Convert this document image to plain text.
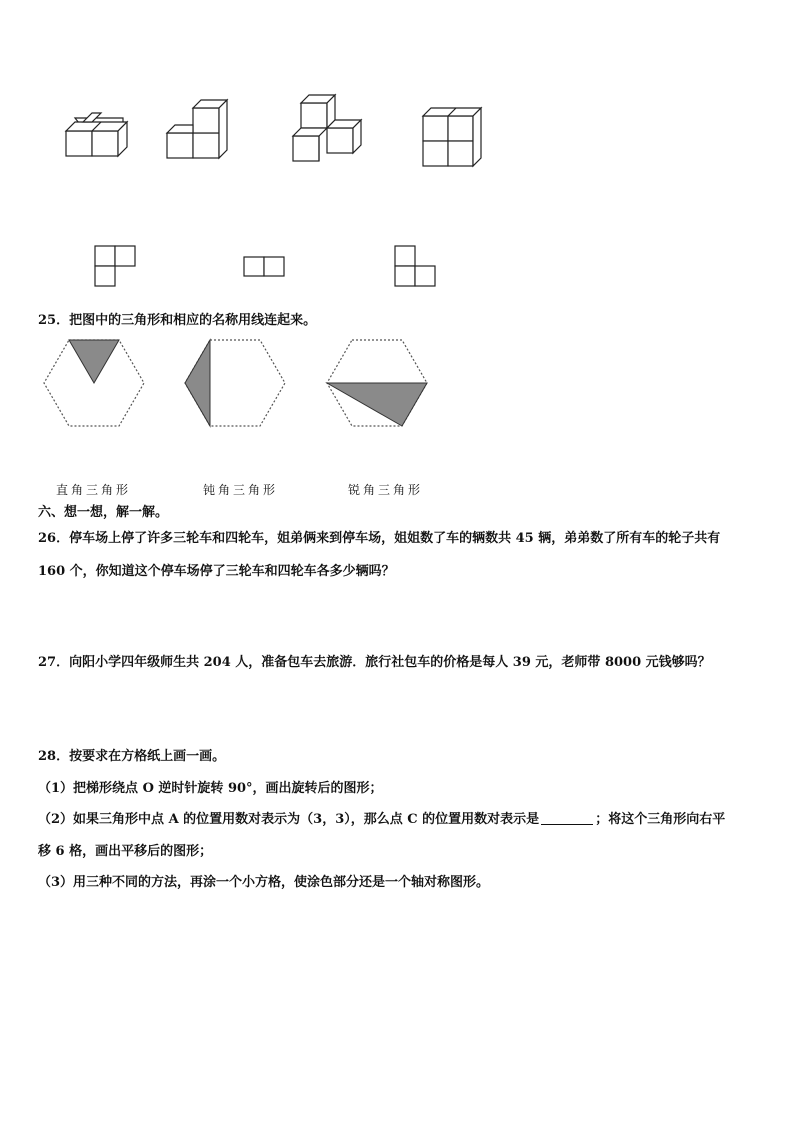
25．把图中的三角形和相应的名称用线连起来。
直角三角形	钝角三角形	锐角三角形
六、想一想，解一解。
26．停车场上停了许多三轮车和四轮车，姐弟俩来到停车场，姐姐数了车的辆数共 45 辆，弟弟数了所有车的轮子共有
160 个，你知道这个停车场停了三轮车和四轮车各多少辆吗？
27．向阳小学四年级师生共 204 人，准备包车去旅游．旅行社包车的价格是每人 39 元，老师带 8000 元钱够吗？
28．按要求在方格纸上画一画。
（1）把梯形绕点 O 逆时针旋转 90°，画出旋转后的图形；
（2）如果三角形中点 A 的位置用数对表示为（3，3），那么点 C 的位置用数对表示是	；将这个三角形向右平
移 6 格，画出平移后的图形；
（3）用三种不同的方法，再涂一个小方格，使涂色部分还是一个轴对称图形。
